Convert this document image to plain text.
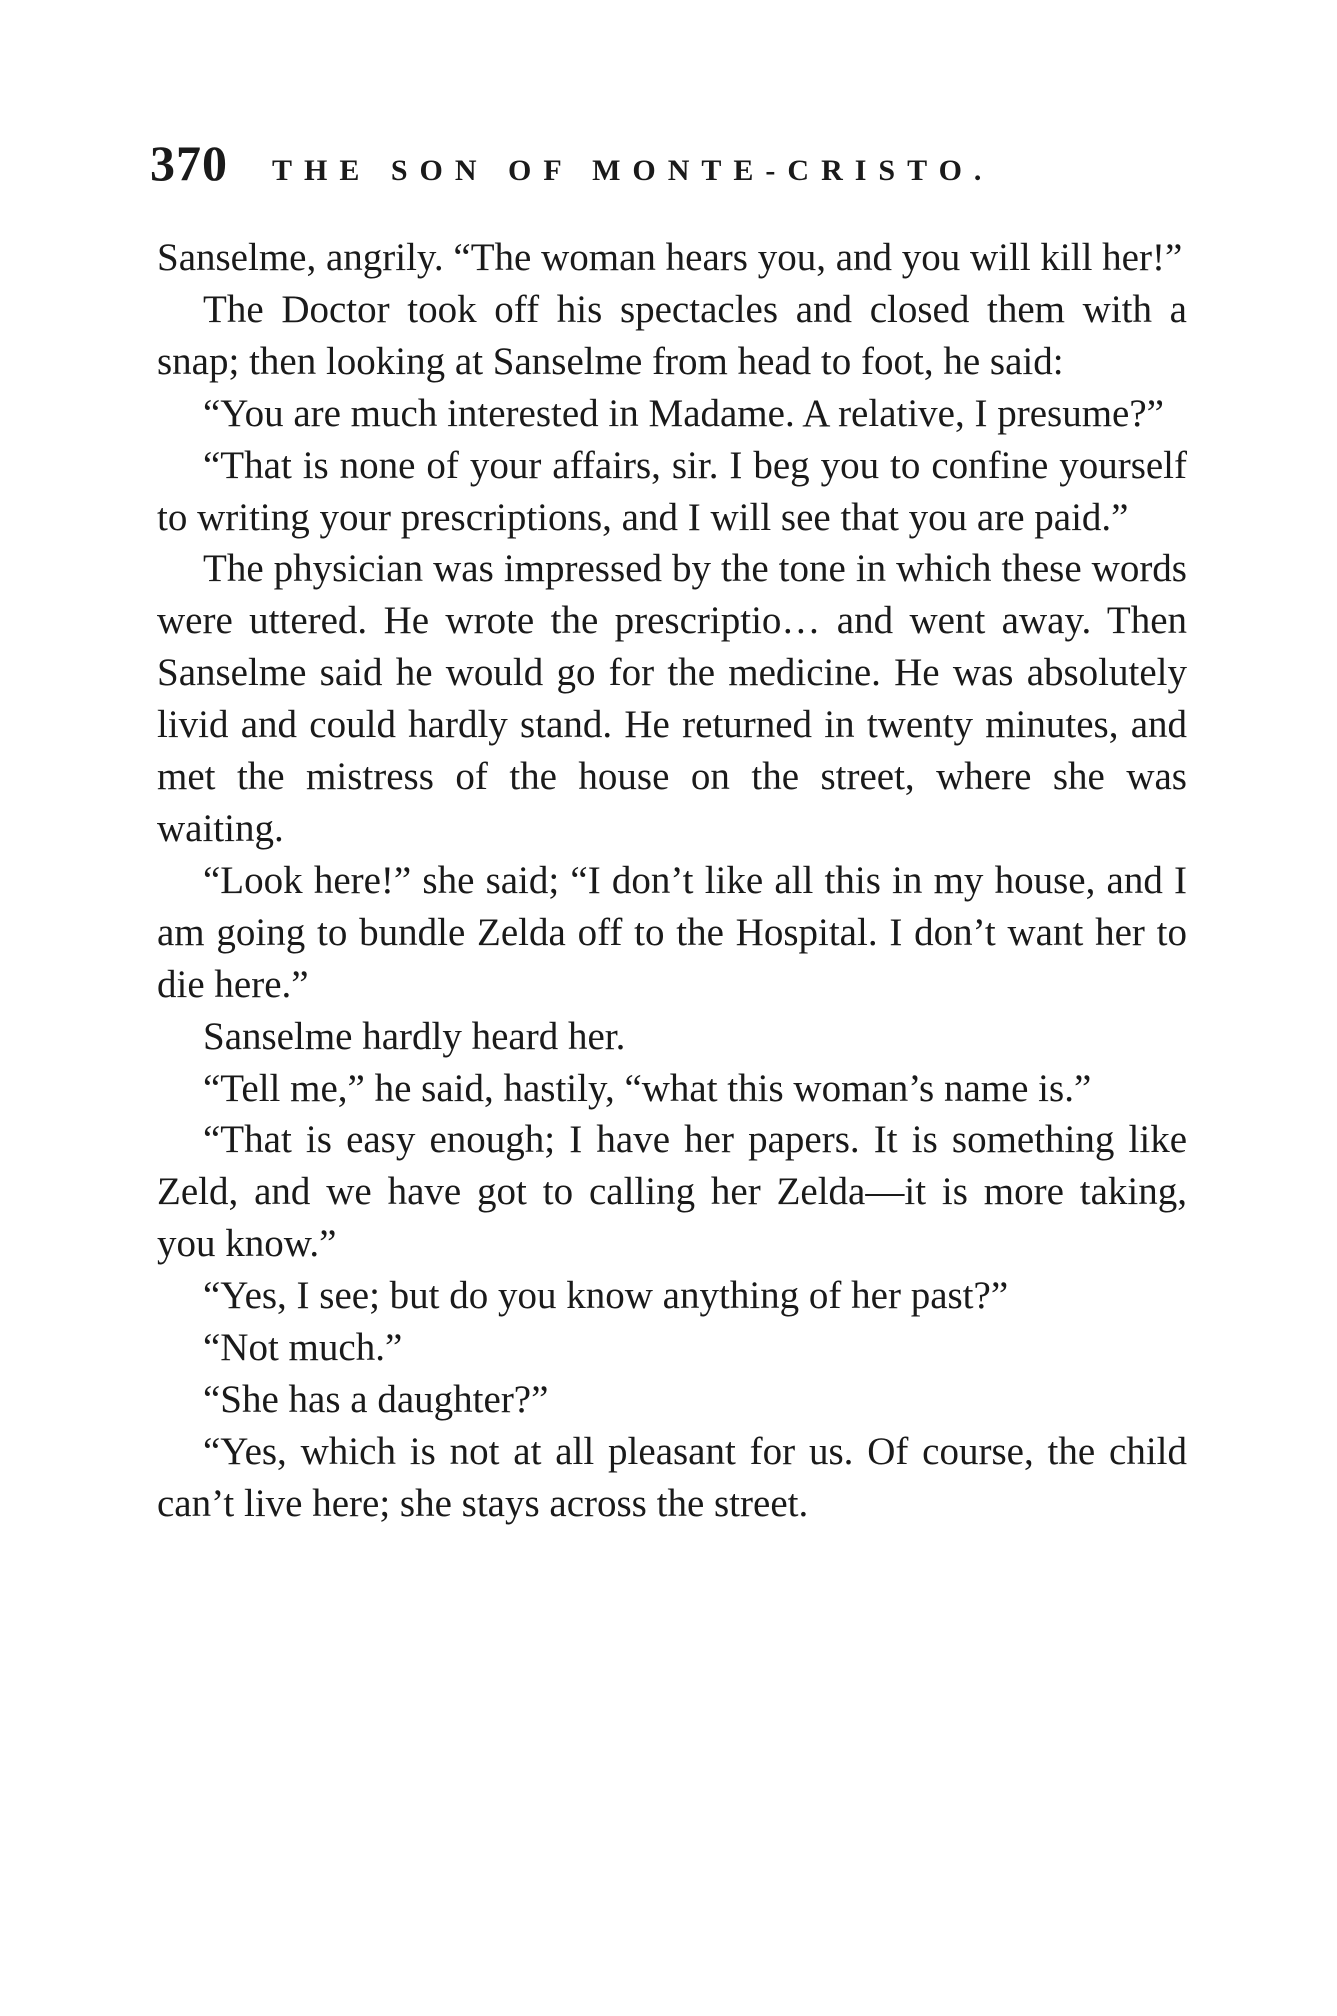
370 THE SON OF MONTE-CRISTO.

Sanselme, angrily. “The woman hears you, and you will kill her!”

The Doctor took off his spectacles and closed them with a snap; then looking at Sanselme from head to foot, he said:

“You are much interested in Madame. A relative, I presume?”

“That is none of your affairs, sir. I beg you to confine yourself to writing your prescriptions, and I will see that you are paid.”

The physician was impressed by the tone in which these words were uttered. He wrote the prescriptio… and went away. Then Sanselme said he would go for the medicine. He was absolutely livid and could hardly stand. He returned in twenty minutes, and met the mistress of the house on the street, where she was waiting.

“Look here!” she said; “I don’t like all this in my house, and I am going to bundle Zelda off to the Hospital. I don’t want her to die here.”

Sanselme hardly heard her.

“Tell me,” he said, hastily, “what this woman’s name is.”

“That is easy enough; I have her papers. It is something like Zeld, and we have got to calling her Zelda—it is more taking, you know.”

“Yes, I see; but do you know anything of her past?”

“Not much.”

“She has a daughter?”

“Yes, which is not at all pleasant for us. Of course, the child can’t live here; she stays across the street.
